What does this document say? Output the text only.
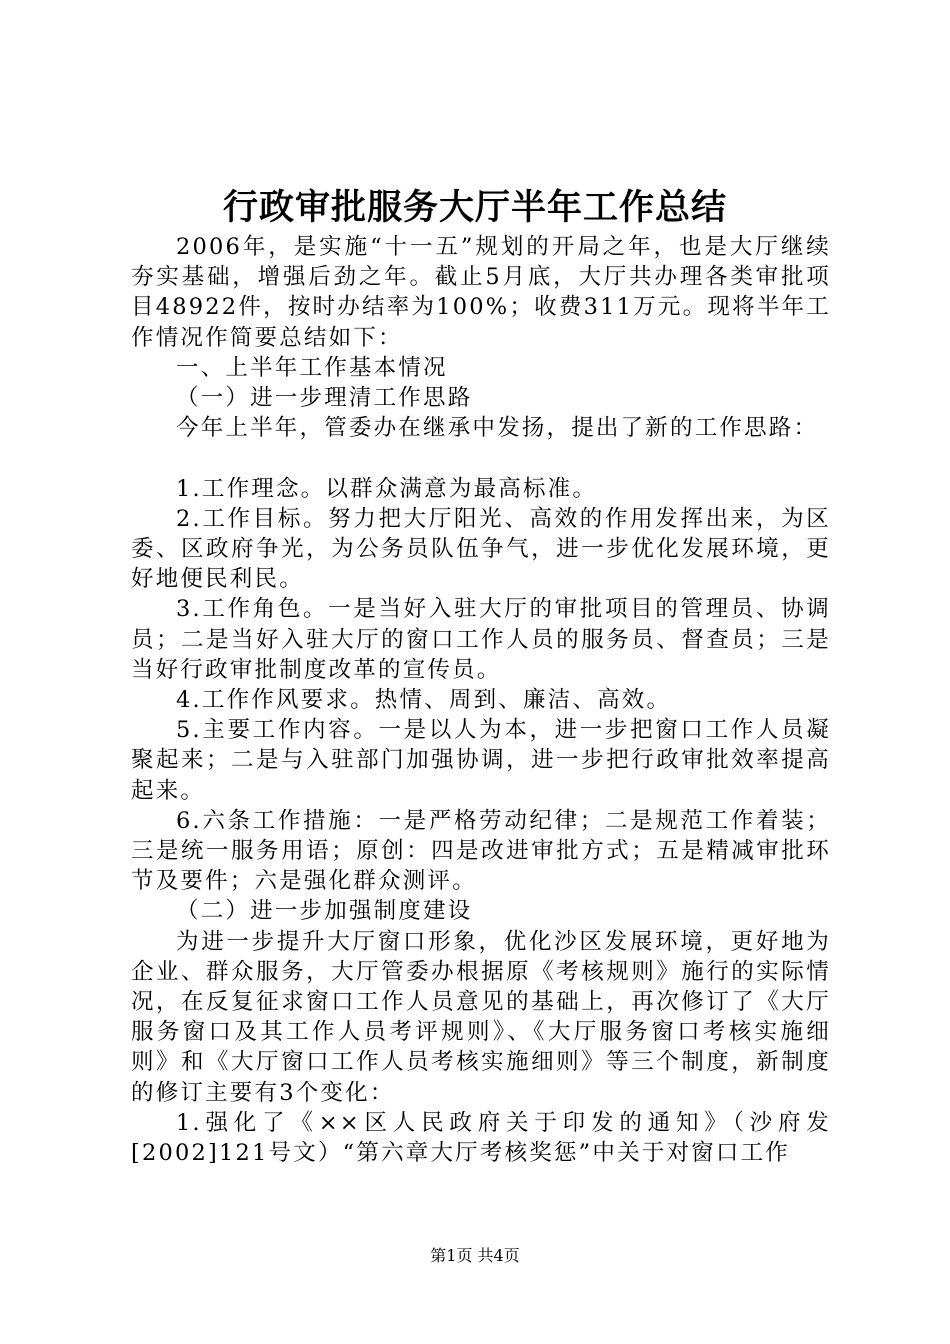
行政审批服务大厅半年工作总结

2006年，是实施“十一五”规划的开局之年，也是大厅继续夯实基础，增强后劲之年。截止5月底，大厅共办理各类审批项目48922件，按时办结率为100%；收费311万元。现将半年工作情况作简要总结如下：

一、上半年工作基本情况

（一）进一步理清工作思路

今年上半年，管委办在继承中发扬，提出了新的工作思路：

1.工作理念。以群众满意为最高标准。

2.工作目标。努力把大厅阳光、高效的作用发挥出来，为区委、区政府争光，为公务员队伍争气，进一步优化发展环境，更好地便民利民。

3.工作角色。一是当好入驻大厅的审批项目的管理员、协调员；二是当好入驻大厅的窗口工作人员的服务员、督查员；三是当好行政审批制度改革的宣传员。

4.工作作风要求。热情、周到、廉洁、高效。

5.主要工作内容。一是以人为本，进一步把窗口工作人员凝聚起来；二是与入驻部门加强协调，进一步把行政审批效率提高起来。

6.六条工作措施：一是严格劳动纪律；二是规范工作着装；三是统一服务用语；原创：四是改进审批方式；五是精减审批环节及要件；六是强化群众测评。

（二）进一步加强制度建设

为进一步提升大厅窗口形象，优化沙区发展环境，更好地为企业、群众服务，大厅管委办根据原《考核规则》施行的实际情况，在反复征求窗口工作人员意见的基础上，再次修订了《大厅服务窗口及其工作人员考评规则》、《大厅服务窗口考核实施细则》和《大厅窗口工作人员考核实施细则》等三个制度，新制度的修订主要有3个变化：

1.强化了《××区人民政府关于印发的通知》（沙府发[2002]121号文）“第六章大厅考核奖惩”中关于对窗口工作

第1页 共4页
